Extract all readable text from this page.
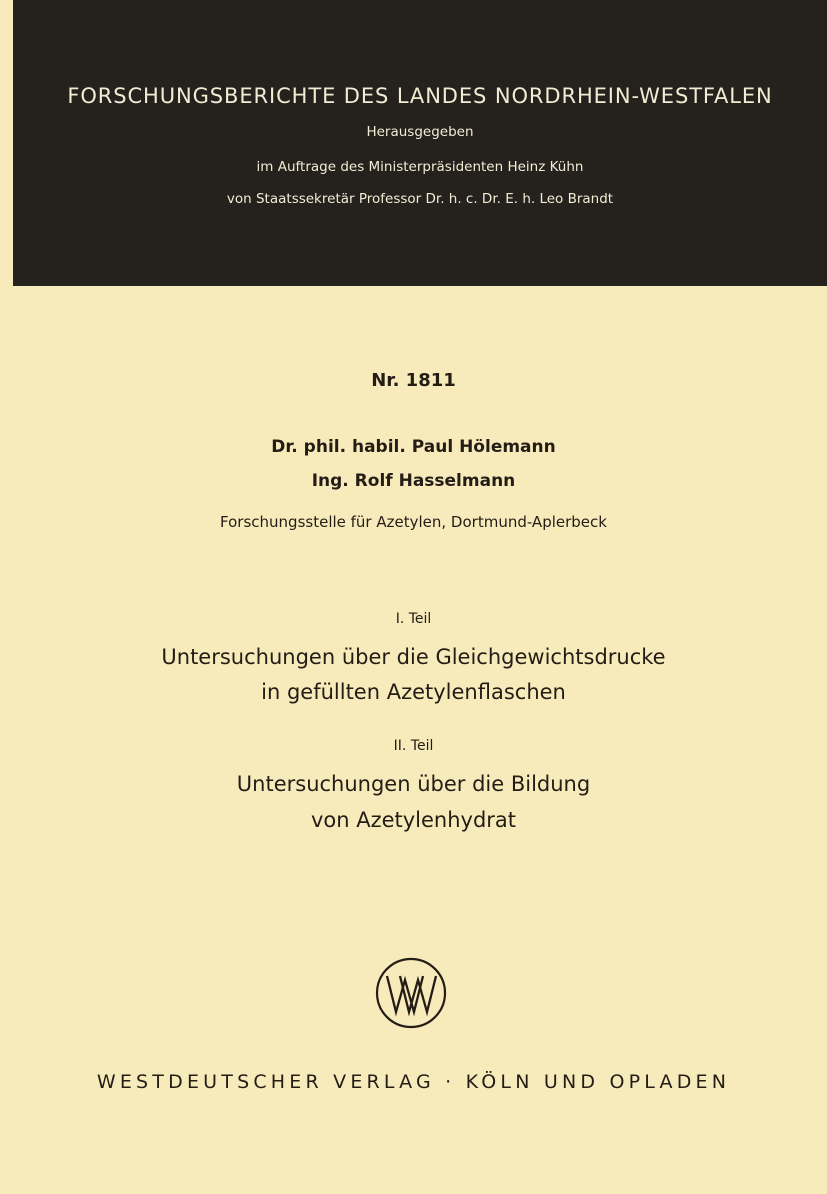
FORSCHUNGSBERICHTE DES LANDES NORDRHEIN-WESTFALEN
Herausgegeben
im Auftrage des Ministerpräsidenten Heinz Kühn
von Staatssekretär Professor Dr. h. c. Dr. E. h. Leo Brandt
Nr. 1811
Dr. phil. habil. Paul Hölemann
Ing. Rolf Hasselmann
Forschungsstelle für Azetylen, Dortmund-Aplerbeck
I. Teil
Untersuchungen über die Gleichgewichtsdrucke
in gefüllten Azetylenflaschen
II. Teil
Untersuchungen über die Bildung
von Azetylenhydrat
WESTDEUTSCHER VERLAG · KÖLN UND OPLADEN
